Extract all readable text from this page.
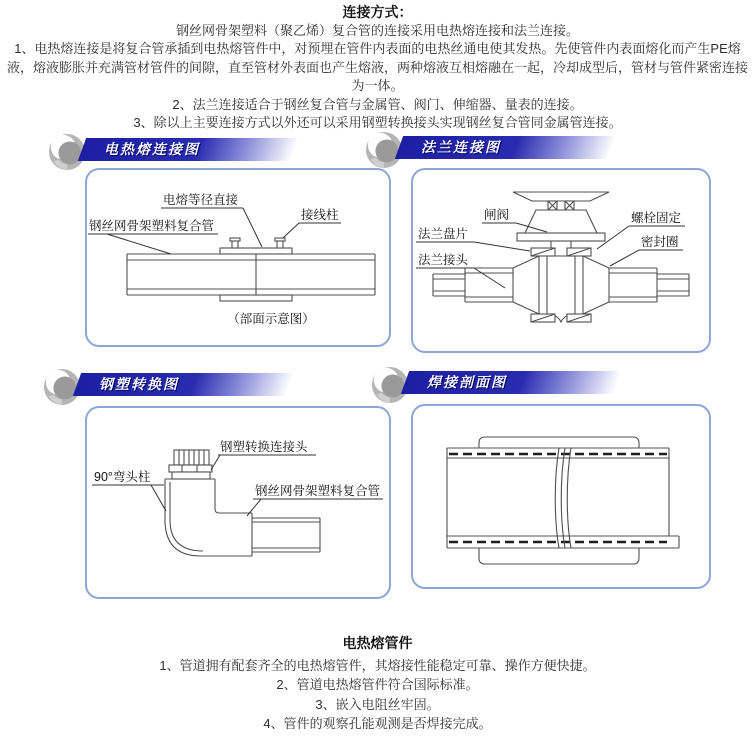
连接方式：
钢丝网骨架塑料（聚乙烯）复合管的连接采用电热熔连接和法兰连接。
1、电热熔连接是将复合管承插到电热熔管件中，对预埋在管件内表面的电热丝通电使其发热。先使管件内表面熔化而产生PE熔液，熔液膨胀并充满管材管件的间隙，直至管材外表面也产生熔液，两种熔液互相熔融在一起，冷却成型后，管材与管件紧密连接为一体。
2、法兰连接适合于钢丝复合管与金属管、阀门、伸缩器、量表的连接。
3、除以上主要连接方式以外还可以采用钢塑转换接头实现钢丝复合管同金属管连接。
电热熔连接图	法兰连接图
电熔等径直接
接线柱
钢丝网骨架塑料复合管
（部面示意图）
闸阀	螺栓固定
法兰盘片
密封圈
法兰接头
钢塑转换图	焊接剖面图
钢塑转换连接头
90°弯头柱
钢丝网骨架塑料复合管
电热熔管件
1、管道拥有配套齐全的电热熔管件，其熔接性能稳定可靠、操作方便快捷。
2、管道电热熔管件符合国际标准。
3、嵌入电阻丝牢固。
4、管件的观察孔能观测是否焊接完成。
